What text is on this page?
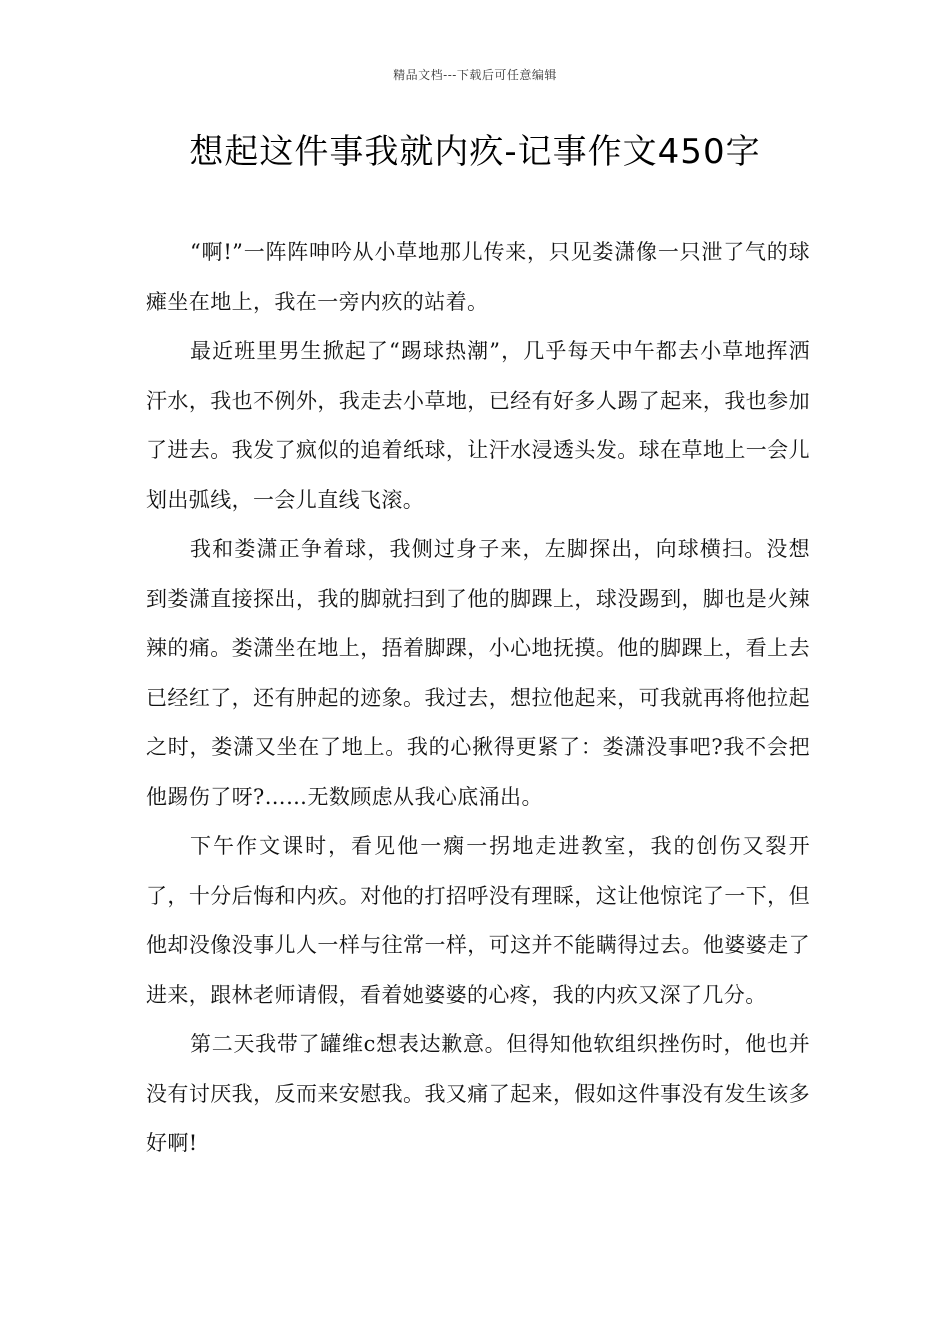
精品文档---下载后可任意编辑
想起这件事我就内疚-记事作文450字

“啊!”一阵阵呻吟从小草地那儿传来，只见娄潇像一只泄了气的球瘫坐在地上，我在一旁内疚的站着。

最近班里男生掀起了“踢球热潮”，几乎每天中午都去小草地挥洒汗水，我也不例外，我走去小草地，已经有好多人踢了起来，我也参加了进去。我发了疯似的追着纸球，让汗水浸透头发。球在草地上一会儿划出弧线，一会儿直线飞滚。

我和娄潇正争着球，我侧过身子来，左脚探出，向球横扫。没想到娄潇直接探出，我的脚就扫到了他的脚踝上，球没踢到，脚也是火辣辣的痛。娄潇坐在地上，捂着脚踝，小心地抚摸。他的脚踝上，看上去已经红了，还有肿起的迹象。我过去，想拉他起来，可我就再将他拉起之时，娄潇又坐在了地上。我的心揪得更紧了：娄潇没事吧?我不会把他踢伤了呀?……无数顾虑从我心底涌出。

下午作文课时，看见他一瘸一拐地走进教室，我的创伤又裂开了，十分后悔和内疚。对他的打招呼没有理睬，这让他惊诧了一下，但他却没像没事儿人一样与往常一样，可这并不能瞒得过去。他婆婆走了进来，跟林老师请假，看着她婆婆的心疼，我的内疚又深了几分。

第二天我带了罐维c想表达歉意。但得知他软组织挫伤时，他也并没有讨厌我，反而来安慰我。我又痛了起来，假如这件事没有发生该多好啊!
